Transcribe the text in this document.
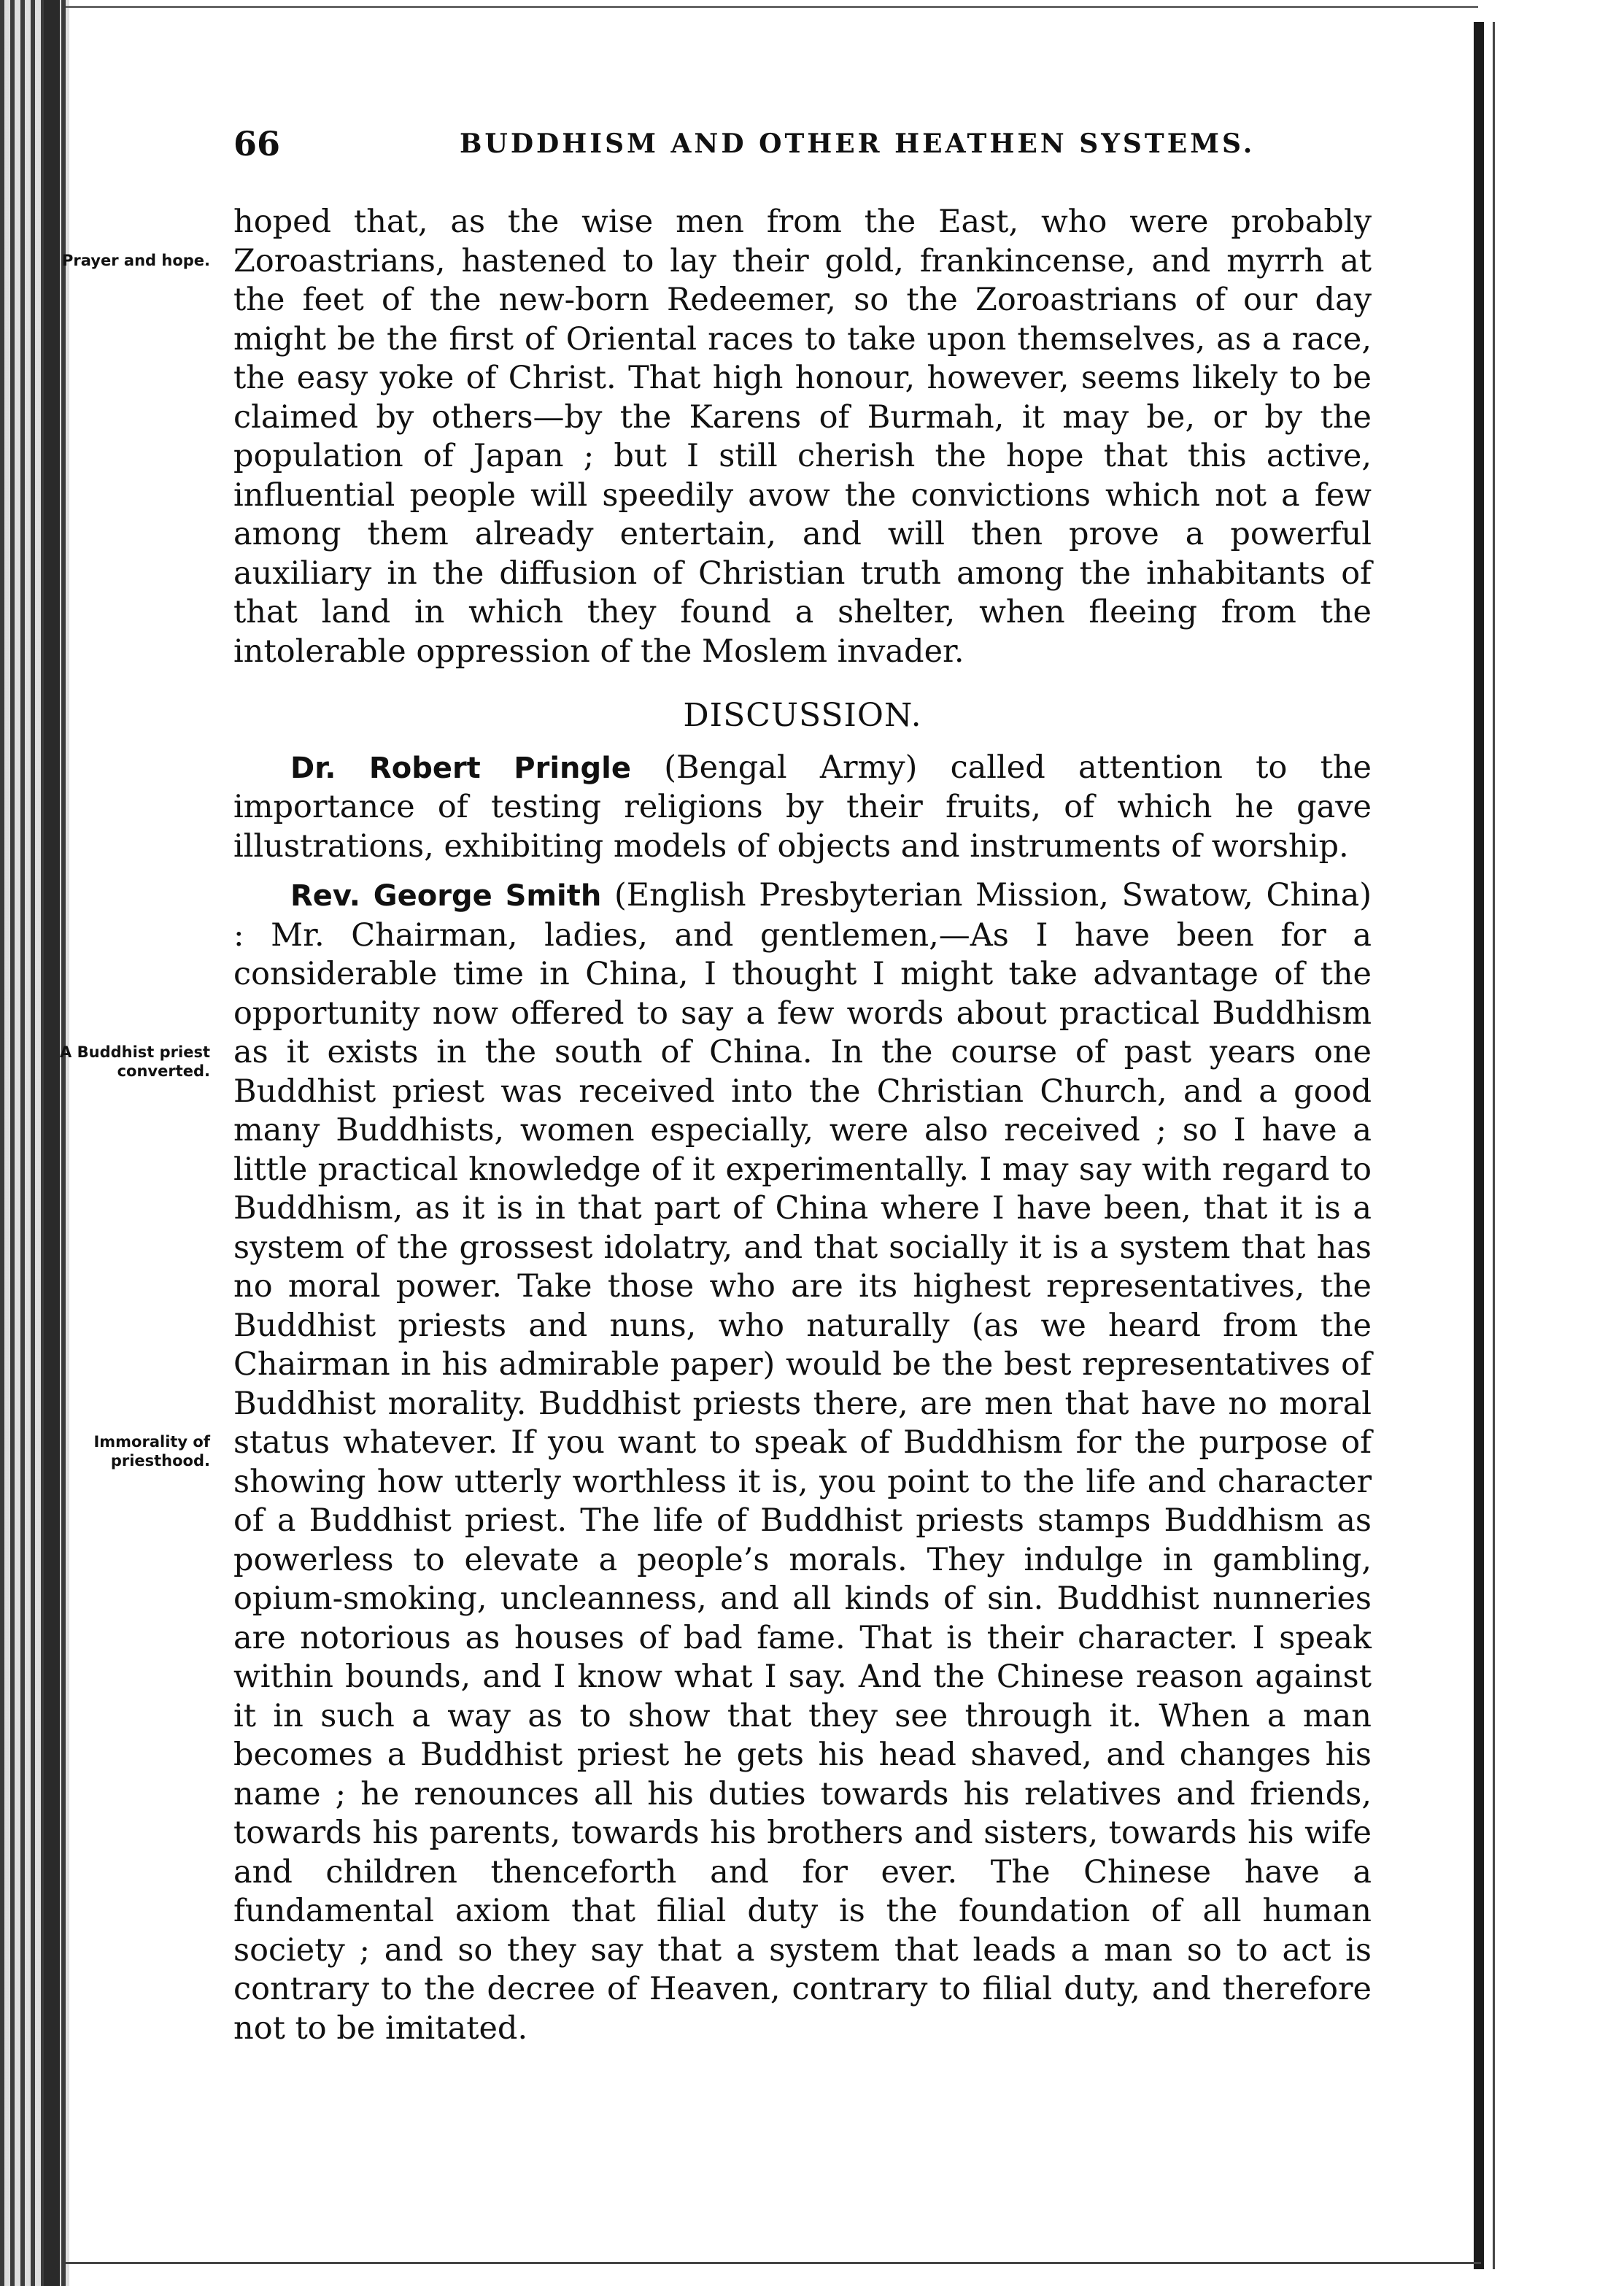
66	BUDDHISM AND OTHER HEATHEN SYSTEMS.
Prayer and hope.

hoped that, as the wise men from the East, who were probably Zoroastrians, hastened to lay their gold, frankincense, and myrrh at the feet of the new-born Redeemer, so the Zoroastrians of our day might be the first of Oriental races to take upon themselves, as a race, the easy yoke of Christ. That high honour, however, seems likely to be claimed by others—by the Karens of Burmah, it may be, or by the population of Japan ; but I still cherish the hope that this active, influential people will speedily avow the convictions which not a few among them already entertain, and will then prove a powerful auxiliary in the diffusion of Christian truth among the inhabitants of that land in which they found a shelter, when fleeing from the intolerable oppression of the Moslem invader.

DISCUSSION.

Dr. Robert Pringle (Bengal Army) called attention to the importance of testing religions by their fruits, of which he gave illustrations, exhibiting models of objects and instruments of worship.

A Buddhist priest converted.
Immorality of priesthood.

Rev. George Smith (English Presbyterian Mission, Swatow, China) : Mr. Chairman, ladies, and gentlemen,—As I have been for a considerable time in China, I thought I might take advantage of the opportunity now offered to say a few words about practical Buddhism as it exists in the south of China. In the course of past years one Buddhist priest was received into the Christian Church, and a good many Buddhists, women especially, were also received ; so I have a little practical knowledge of it experimentally. I may say with regard to Buddhism, as it is in that part of China where I have been, that it is a system of the grossest idolatry, and that socially it is a system that has no moral power. Take those who are its highest representatives, the Buddhist priests and nuns, who naturally (as we heard from the Chairman in his admirable paper) would be the best representatives of Buddhist morality. Buddhist priests there, are men that have no moral status whatever. If you want to speak of Buddhism for the purpose of showing how utterly worthless it is, you point to the life and character of a Buddhist priest. The life of Buddhist priests stamps Buddhism as powerless to elevate a people’s morals. They indulge in gambling, opium-smoking, uncleanness, and all kinds of sin. Buddhist nunneries are notorious as houses of bad fame. That is their character. I speak within bounds, and I know what I say. And the Chinese reason against it in such a way as to show that they see through it. When a man becomes a Buddhist priest he gets his head shaved, and changes his name ; he renounces all his duties towards his relatives and friends, towards his parents, towards his brothers and sisters, towards his wife and children thenceforth and for ever. The Chinese have a fundamental axiom that filial duty is the foundation of all human society ; and so they say that a system that leads a man so to act is contrary to the decree of Heaven, contrary to filial duty, and therefore not to be imitated.
